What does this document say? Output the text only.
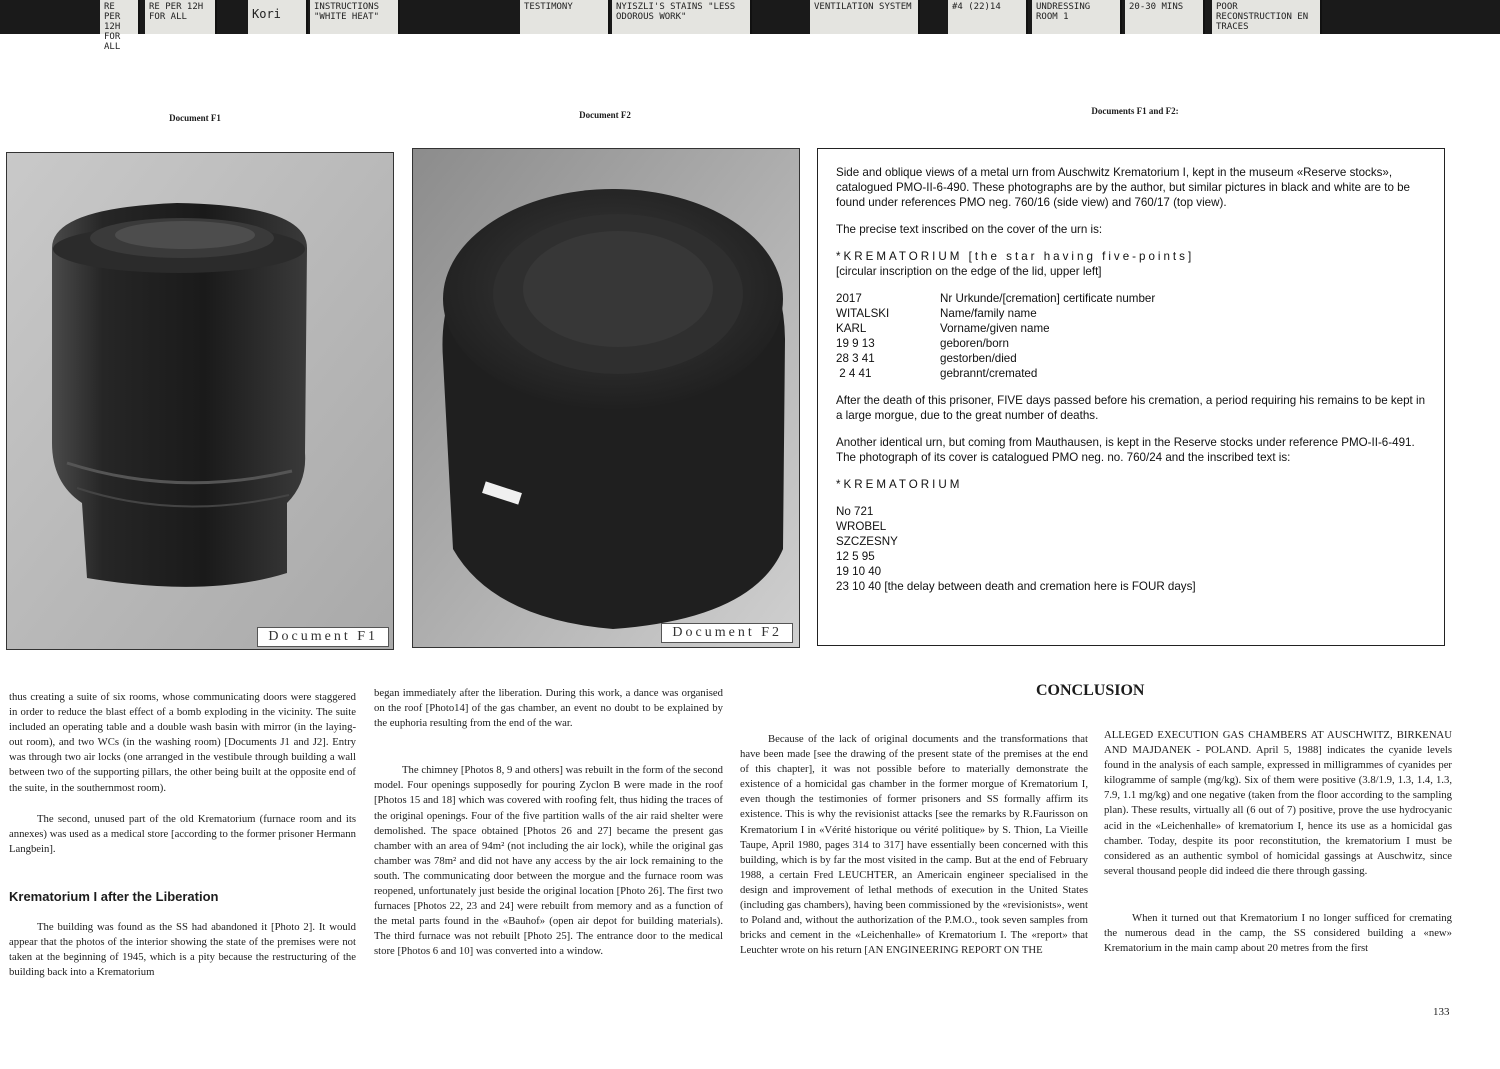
RE PER 12H FOR ALL
RE PER 12H FOR ALL	Kori	INSTRUCTIONS "WHITE HEAT"
TESTIMONY	NYISZLI'S STAINS "LESS ODOROUS WORK"
VENTILATION SYSTEM	#4 (22)14	UNDRESSING ROOM 1
20-30 MINS	POOR RECONSTRUCTION EN TRACES
Document F1	Document F2	Documents F1 and F2:
Document F1	Document F2

Side and oblique views of a metal urn from Auschwitz Krematorium I, kept in the museum «Reserve stocks», catalogued PMO-II-6-490. These photographs are by the author, but similar pictures in black and white are to be found under references PMO neg. 760/16 (side view) and 760/17 (top view).

The precise text inscribed on the cover of the urn is:

*KREMATORIUM [the star having five-points]

[circular inscription on the edge of the lid, upper left]

2017	Nr Urkunde/[cremation] certificate number
WITALSKI	Name/family name
KARL	Vorname/given name
19 9 13	geboren/born
28 3 41	gestorben/died
2 4 41	gebrannt/cremated

After the death of this prisoner, FIVE days passed before his cremation, a period requiring his remains to be kept in a large morgue, due to the great number of deaths.

Another identical urn, but coming from Mauthausen, is kept in the Reserve stocks under reference PMO-II-6-491. The photograph of its cover is catalogued PMO neg. no. 760/24 and the inscribed text is:

*KREMATORIUM

No 721
WROBEL
SZCZESNY
12 5 95
19 10 40
23 10 40 [the delay between death and cremation here is FOUR days]

thus creating a suite of six rooms, whose communicating doors were staggered in order to reduce the blast effect of a bomb exploding in the vicinity. The suite included an operating table and a double wash basin with mirror (in the laying-out room), and two WCs (in the washing room) [Documents J1 and J2]. Entry was through two air locks (one arranged in the vestibule through building a wall between two of the supporting pillars, the other being built at the opposite end of the suite, in the southernmost room).

The second, unused part of the old Krematorium (furnace room and its annexes) was used as a medical store [according to the former prisoner Hermann Langbein].

Krematorium I after the Liberation

The building was found as the SS had abandoned it [Photo 2]. It would appear that the photos of the interior showing the state of the premises were not taken at the beginning of 1945, which is a pity because the restructuring of the building back into a Krematorium

began immediately after the liberation. During this work, a dance was organised on the roof [Photo14] of the gas chamber, an event no doubt to be explained by the euphoria resulting from the end of the war.

The chimney [Photos 8, 9 and others] was rebuilt in the form of the second model. Four openings supposedly for pouring Zyclon B were made in the roof [Photos 15 and 18] which was covered with roofing felt, thus hiding the traces of the original openings. Four of the five partition walls of the air raid shelter were demolished. The space obtained [Photos 26 and 27] became the present gas chamber with an area of 94m² (not including the air lock), while the original gas chamber was 78m² and did not have any access by the air lock remaining to the south. The communicating door between the morgue and the furnace room was reopened, unfortunately just beside the original location [Photo 26]. The first two furnaces [Photos 22, 23 and 24] were rebuilt from memory and as a function of the metal parts found in the «Bauhof» (open air depot for building materials). The third furnace was not rebuilt [Photo 25]. The entrance door to the medical store [Photos 6 and 10] was converted into a window.

CONCLUSION

Because of the lack of original documents and the transformations that have been made [see the drawing of the present state of the premises at the end of this chapter], it was not possible before to materially demonstrate the existence of a homicidal gas chamber in the former morgue of Krematorium I, even though the testimonies of former prisoners and SS formally affirm its existence. This is why the revisionist attacks [see the remarks by R.Faurisson on Krematorium I in «Vérité historique ou vérité politique» by S. Thion, La Vieille Taupe, April 1980, pages 314 to 317] have essentially been concerned with this building, which is by far the most visited in the camp. But at the end of February 1988, a certain Fred LEUCHTER, an Americain engineer specialised in the design and improvement of lethal methods of execution in the United States (including gas chambers), having been commissioned by the «revisionists», went to Poland and, without the authorization of the P.M.O., took seven samples from bricks and cement in the «Leichenhalle» of Krematorium I. The «report» that Leuchter wrote on his return [AN ENGINEERING REPORT ON THE

ALLEGED EXECUTION GAS CHAMBERS AT AUSCHWITZ, BIRKENAU AND MAJDANEK - POLAND. April 5, 1988] indicates the cyanide levels found in the analysis of each sample, expressed in milligrammes of cyanides per kilogramme of sample (mg/kg). Six of them were positive (3.8/1.9, 1.3, 1.4, 1.3, 7.9, 1.1 mg/kg) and one negative (taken from the floor according to the sampling plan). These results, virtually all (6 out of 7) positive, prove the use hydrocyanic acid in the «Leichenhalle» of krematorium I, hence its use as a homicidal gas chamber. Today, despite its poor reconstitution, the krematorium I must be considered as an authentic symbol of homicidal gassings at Auschwitz, since several thousand people did indeed die there through gassing.

When it turned out that Krematorium I no longer sufficed for cremating the numerous dead in the camp, the SS considered building a «new» Krematorium in the main camp about 20 metres from the first

133
